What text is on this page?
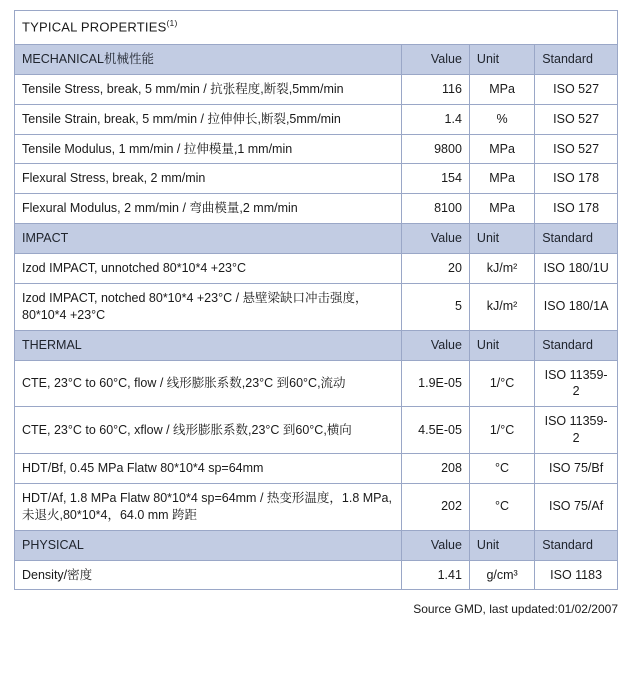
TYPICAL PROPERTIES$^{(1)}$
MECHANICAL机械性能	Value	Unit	Standard
Tensile Stress, break, 5 mm/min / 抗张程度,断裂,5mm/min	116	MPa	ISO 527
Tensile Strain, break, 5 mm/min / 拉伸伸长,断裂,5mm/min	1.4	%	ISO 527
Tensile Modulus, 1 mm/min / 拉伸模量,1 mm/min	9800	MPa	ISO 527
Flexural Stress, break, 2 mm/min	154	MPa	ISO 178
Flexural Modulus, 2 mm/min / 弯曲模量,2 mm/min	8100	MPa	ISO 178
IMPACT	Value	Unit	Standard
Izod IMPACT, unnotched 80*10*4 +23°C	20	kJ/m²	ISO 180/1U
Izod IMPACT, notched 80*10*4 +23°C / 悬壁梁缺口冲击强度，80*10*4 +23°C	5	kJ/m²	ISO 180/1A
THERMAL	Value	Unit	Standard
CTE, 23°C to 60°C, flow / 线形膨胀系数,23°C 到60°C,流动	1.9E-05	1/°C	ISO 11359-2
CTE, 23°C to 60°C, xflow / 线形膨胀系数,23°C 到60°C,横向	4.5E-05	1/°C	ISO 11359-2
HDT/Bf, 0.45 MPa Flatw 80*10*4 sp=64mm	208	°C	ISO 75/Bf
HDT/Af, 1.8 MPa Flatw 80*10*4 sp=64mm / 热变形温度，1.8 MPa,未退火,80*10*4，64.0 mm 跨距	202	°C	ISO 75/Af
PHYSICAL	Value	Unit	Standard
Density/密度	1.41	g/cm³	ISO 1183
Source GMD, last updated:01/02/2007
